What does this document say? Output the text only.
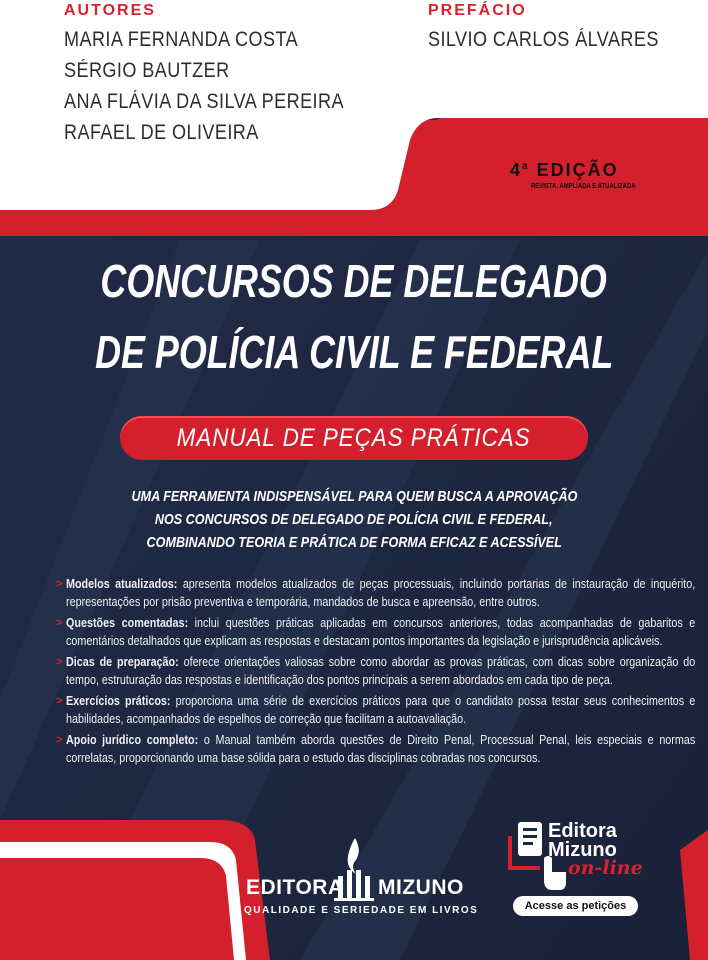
AUTORES
MARIA FERNANDA COSTA
SÉRGIO BAUTZER
ANA FLÁVIA DA SILVA PEREIRA
RAFAEL DE OLIVEIRA
PREFÁCIO
SILVIO CARLOS ÁLVARES
4$^a$ EDIÇÃO
REVISTA, AMPLIADA E ATUALIZADA
CONCURSOS DE DELEGADO
DE POLÍCIA CIVIL E FEDERAL
MANUAL DE PEÇAS PRÁTICAS
UMA FERRAMENTA INDISPENSÁVEL PARA QUEM BUSCA A APROVAÇÃO
NOS CONCURSOS DE DELEGADO DE POLÍCIA CIVIL E FEDERAL,
COMBINANDO TEORIA E PRÁTICA DE FORMA EFICAZ E ACESSÍVEL
> Modelos atualizados: apresenta modelos atualizados de peças processuais, incluindo portarias de instauração de inquérito, representações por prisão preventiva e temporária, mandados de busca e apreensão, entre outros.
> Questões comentadas: inclui questões práticas aplicadas em concursos anteriores, todas acompanhadas de gabaritos e comentários detalhados que explicam as respostas e destacam pontos importantes da legislação e jurisprudência aplicáveis.
> Dicas de preparação: oferece orientações valiosas sobre como abordar as provas práticas, com dicas sobre organização do tempo, estruturação das respostas e identificação dos pontos principais a serem abordados em cada tipo de peça.
> Exercícios práticos: proporciona uma série de exercícios práticos para que o candidato possa testar seus conhecimentos e habilidades, acompanhados de espelhos de correção que facilitam a autoavaliação.
> Apoio jurídico completo: o Manual também aborda questões de Direito Penal, Processual Penal, leis especiais e normas correlatas, proporcionando uma base sólida para o estudo das disciplinas cobradas nos concursos.
EDITORA MIZUNO
QUALIDADE E SERIEDADE EM LIVROS
Editora
Mizuno
on-line
Acesse as petições
